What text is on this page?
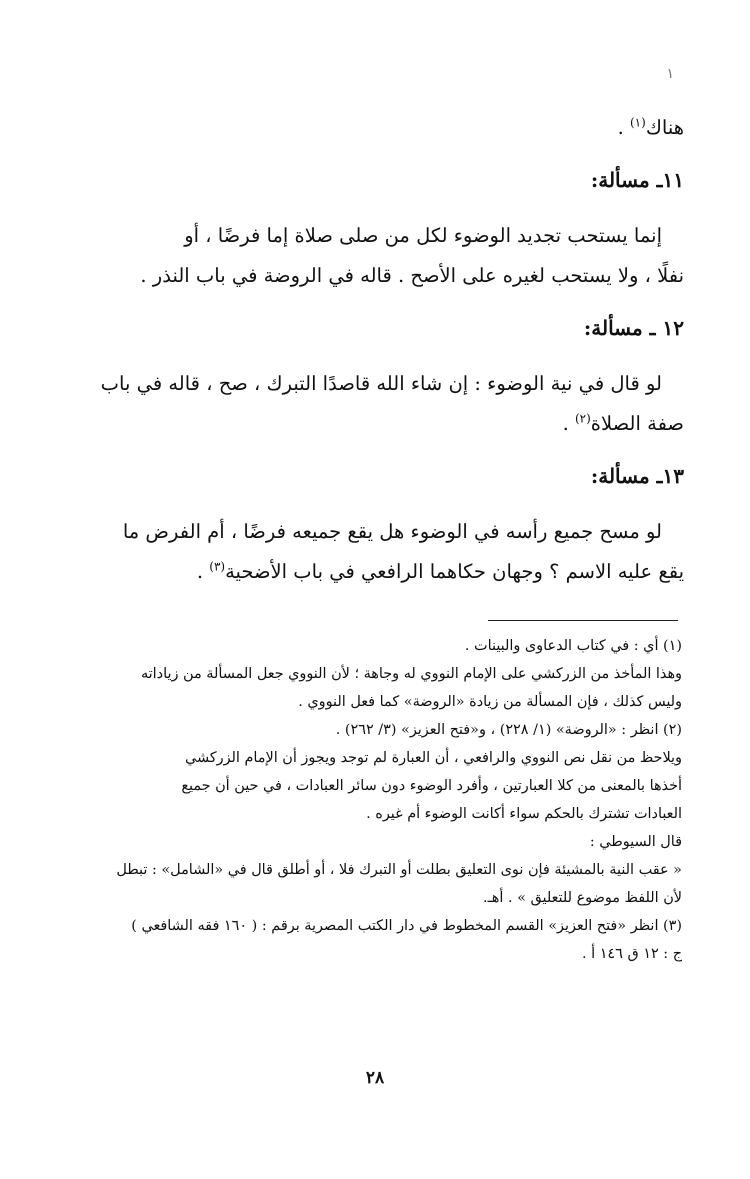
١

هناك$^{(١)}$ .

١١ـ مسألة:

إنما يستحب تجديد الوضوء لكل من صلى صلاة إما فرضًا ، أو

نفلًا ، ولا يستحب لغيره على الأصح . قاله في الروضة في باب النذر .

١٢ ـ مسألة:

لو قال في نية الوضوء : إن شاء الله قاصدًا التبرك ، صح ، قاله في باب

صفة الصلاة$^{(٢)}$ .

١٣ـ مسألة:

لو مسح جميع رأسه في الوضوء هل يقع جميعه فرضًا ، أم الفرض ما

يقع عليه الاسم ؟ وجهان حكاهما الرافعي في باب الأضحية$^{(٣)}$ .

(١) أي : في كتاب الدعاوى والبينات .

وهذا المأخذ من الزركشي على الإمام النووي له وجاهة ؛ لأن النووي جعل المسألة من زياداته

وليس كذلك ، فإن المسألة من زيادة «الروضة» كما فعل النووي .

(٢) انظر : «الروضة» (١/ ٢٢٨) ، و«فتح العزيز» (٣/ ٢٦٢) .

ويلاحظ من نقل نص النووي والرافعي ، أن العبارة لم توجد ويجوز أن الإمام الزركشي

أخذها بالمعنى من كلا العبارتين ، وأفرد الوضوء دون سائر العبادات ، في حين أن جميع

العبادات تشترك بالحكم سواء أكانت الوضوء أم غيره .

قال السيوطي :

« عقب النية بالمشيئة فإن نوى التعليق بطلت أو التبرك فلا ، أو أطلق قال في «الشامل» : تبطل

لأن اللفظ موضوع للتعليق » . أهـ.

(٣) انظر «فتح العزيز» القسم المخطوط في دار الكتب المصرية برقم : ( ١٦٠ فقه الشافعي )

ج : ١٢ ق ١٤٦ أ .

٢٨
